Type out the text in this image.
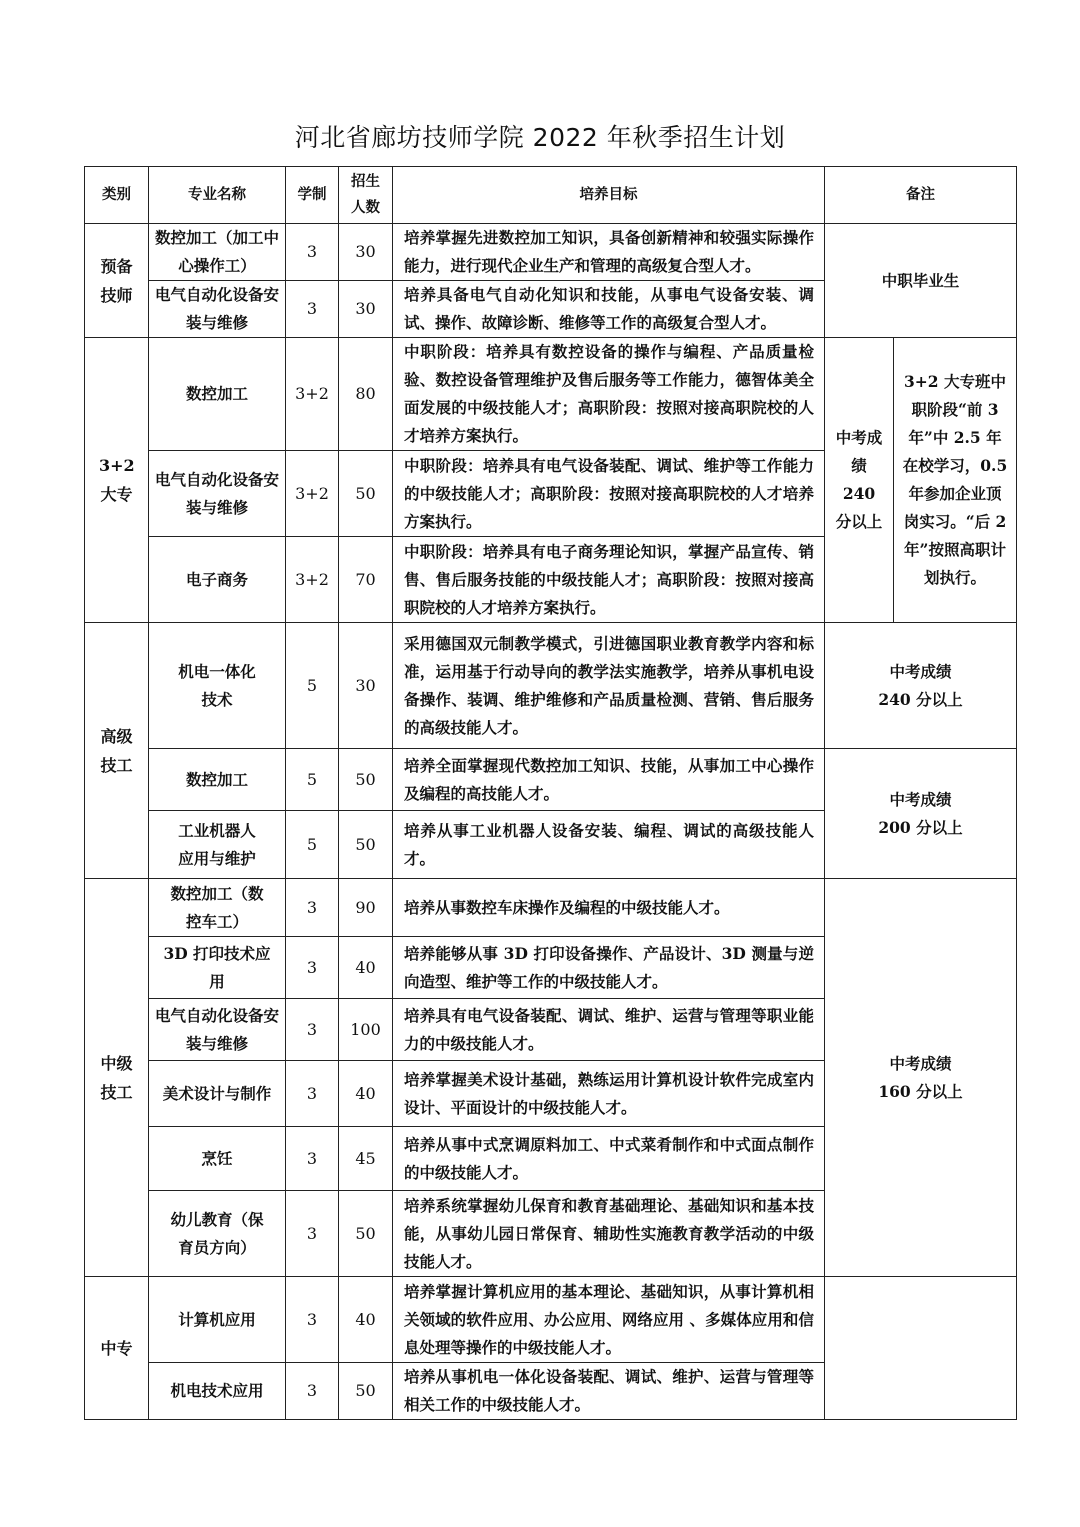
河北省廊坊技师学院 2022 年秋季招生计划
类别	专业名称	学制	招生人数	培养目标	备注	
预备技师	数控加工（加工中心操作工）	3	30	培养掌握先进数控加工知识，具备创新精神和较强实际操作能力，进行现代企业生产和管理的高级复合型人才。	中职毕业生	
	电气自动化设备安装与维修	3	30	培养具备电气自动化知识和技能，从事电气设备安装、调试、操作、故障诊断、维修等工作的高级复合型人才。		
3+2大专	数控加工	3+2	80	中职阶段：培养具有数控设备的操作与编程、产品质量检验、数控设备管理维护及售后服务等工作能力，德智体美全面发展的中级技能人才；高职阶段：按照对接高职院校的人才培养方案执行。	中考成绩 240 分以上	3+2 大专班中职阶段“前 3 年”中 2.5 年在校学习，0.5 年参加企业顶岗实习。“后 2 年”按照高职计划执行。
	电气自动化设备安装与维修	3+2	50	中职阶段：培养具有电气设备装配、调试、维护等工作能力的中级技能人才；高职阶段：按照对接高职院校的人才培养方案执行。		
	电子商务	3+2	70	中职阶段：培养具有电子商务理论知识，掌握产品宣传、销售、售后服务技能的中级技能人才；高职阶段：按照对接高职院校的人才培养方案执行。		
高级技工	机电一体化技术	5	30	采用德国双元制教学模式，引进德国职业教育教学内容和标准，运用基于行动导向的教学法实施教学，培养从事机电设备操作、装调、维护维修和产品质量检测、营销、售后服务的高级技能人才。	中考成绩 240 分以上	
	数控加工	5	50	培养全面掌握现代数控加工知识、技能，从事加工中心操作及编程的高技能人才。	中考成绩 200 分以上	
	工业机器人应用与维护	5	50	培养从事工业机器人设备安装、编程、调试的高级技能人才。		
中级技工	数控加工（数控车工）	3	90	培养从事数控车床操作及编程的中级技能人才。	中考成绩 160 分以上	
	3D 打印技术应用	3	40	培养能够从事 3D 打印设备操作、产品设计、3D 测量与逆向造型、维护等工作的中级技能人才。		
	电气自动化设备安装与维修	3	100	培养具有电气设备装配、调试、维护、运营与管理等职业能力的中级技能人才。		
	美术设计与制作	3	40	培养掌握美术设计基础，熟练运用计算机设计软件完成室内设计、平面设计的中级技能人才。		
	烹饪	3	45	培养从事中式烹调原料加工、中式菜肴制作和中式面点制作的中级技能人才。		
	幼儿教育（保育员方向）	3	50	培养系统掌握幼儿保育和教育基础理论、基础知识和基本技能，从事幼儿园日常保育、辅助性实施教育教学活动的中级技能人才。		
中专	计算机应用	3	40	培养掌握计算机应用的基本理论、基础知识，从事计算机相关领域的软件应用、办公应用、网络应用 、多媒体应用和信息处理等操作的中级技能人才。		
	机电技术应用	3	50	培养从事机电一体化设备装配、调试、维护、运营与管理等相关工作的中级技能人才。		
